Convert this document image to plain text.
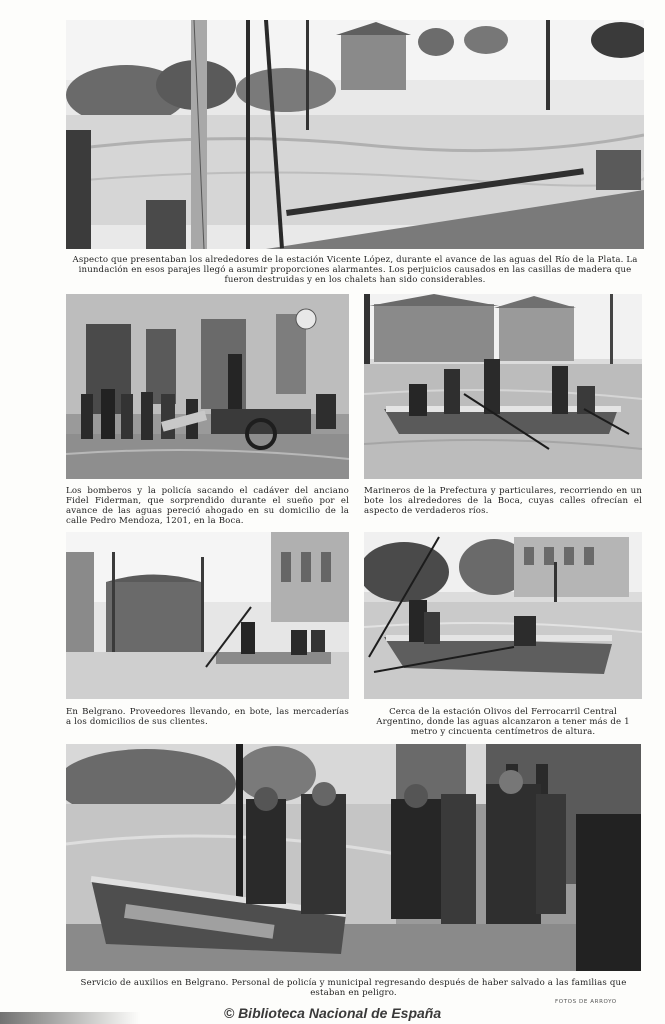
Aspecto que presentaban los alrededores de la estación Vicente López, durante el avance de las aguas del Río de la Plata. La inundación en esos parajes llegó a asumir proporciones alarmantes. Los perjuicios causados en las casillas de madera que fueron destruidas y en los chalets han sido considerables.
Los bomberos y la policía sacando el cadáver del anciano Fidel Fiderman, que sorprendido durante el sueño por el avance de las aguas pereció ahogado en su domicilio de la calle Pedro Mendoza, 1201, en la Boca.
Marineros de la Prefectura y particulares, recorriendo en un bote los alrededores de la Boca, cuyas calles ofrecían el aspecto de verdaderos ríos.
En Belgrano. Proveedores llevando, en bote, las mercaderías a los domicilios de sus clientes.
Cerca de la estación Olivos del Ferrocarril Central Argentino, donde las aguas alcanzaron a tener más de 1 metro y cincuenta centímetros de altura.
Servicio de auxilios en Belgrano. Personal de policía y municipal regresando después de haber salvado a las familias que estaban en peligro.
FOTOS DE ARROYO
© Biblioteca Nacional de España
